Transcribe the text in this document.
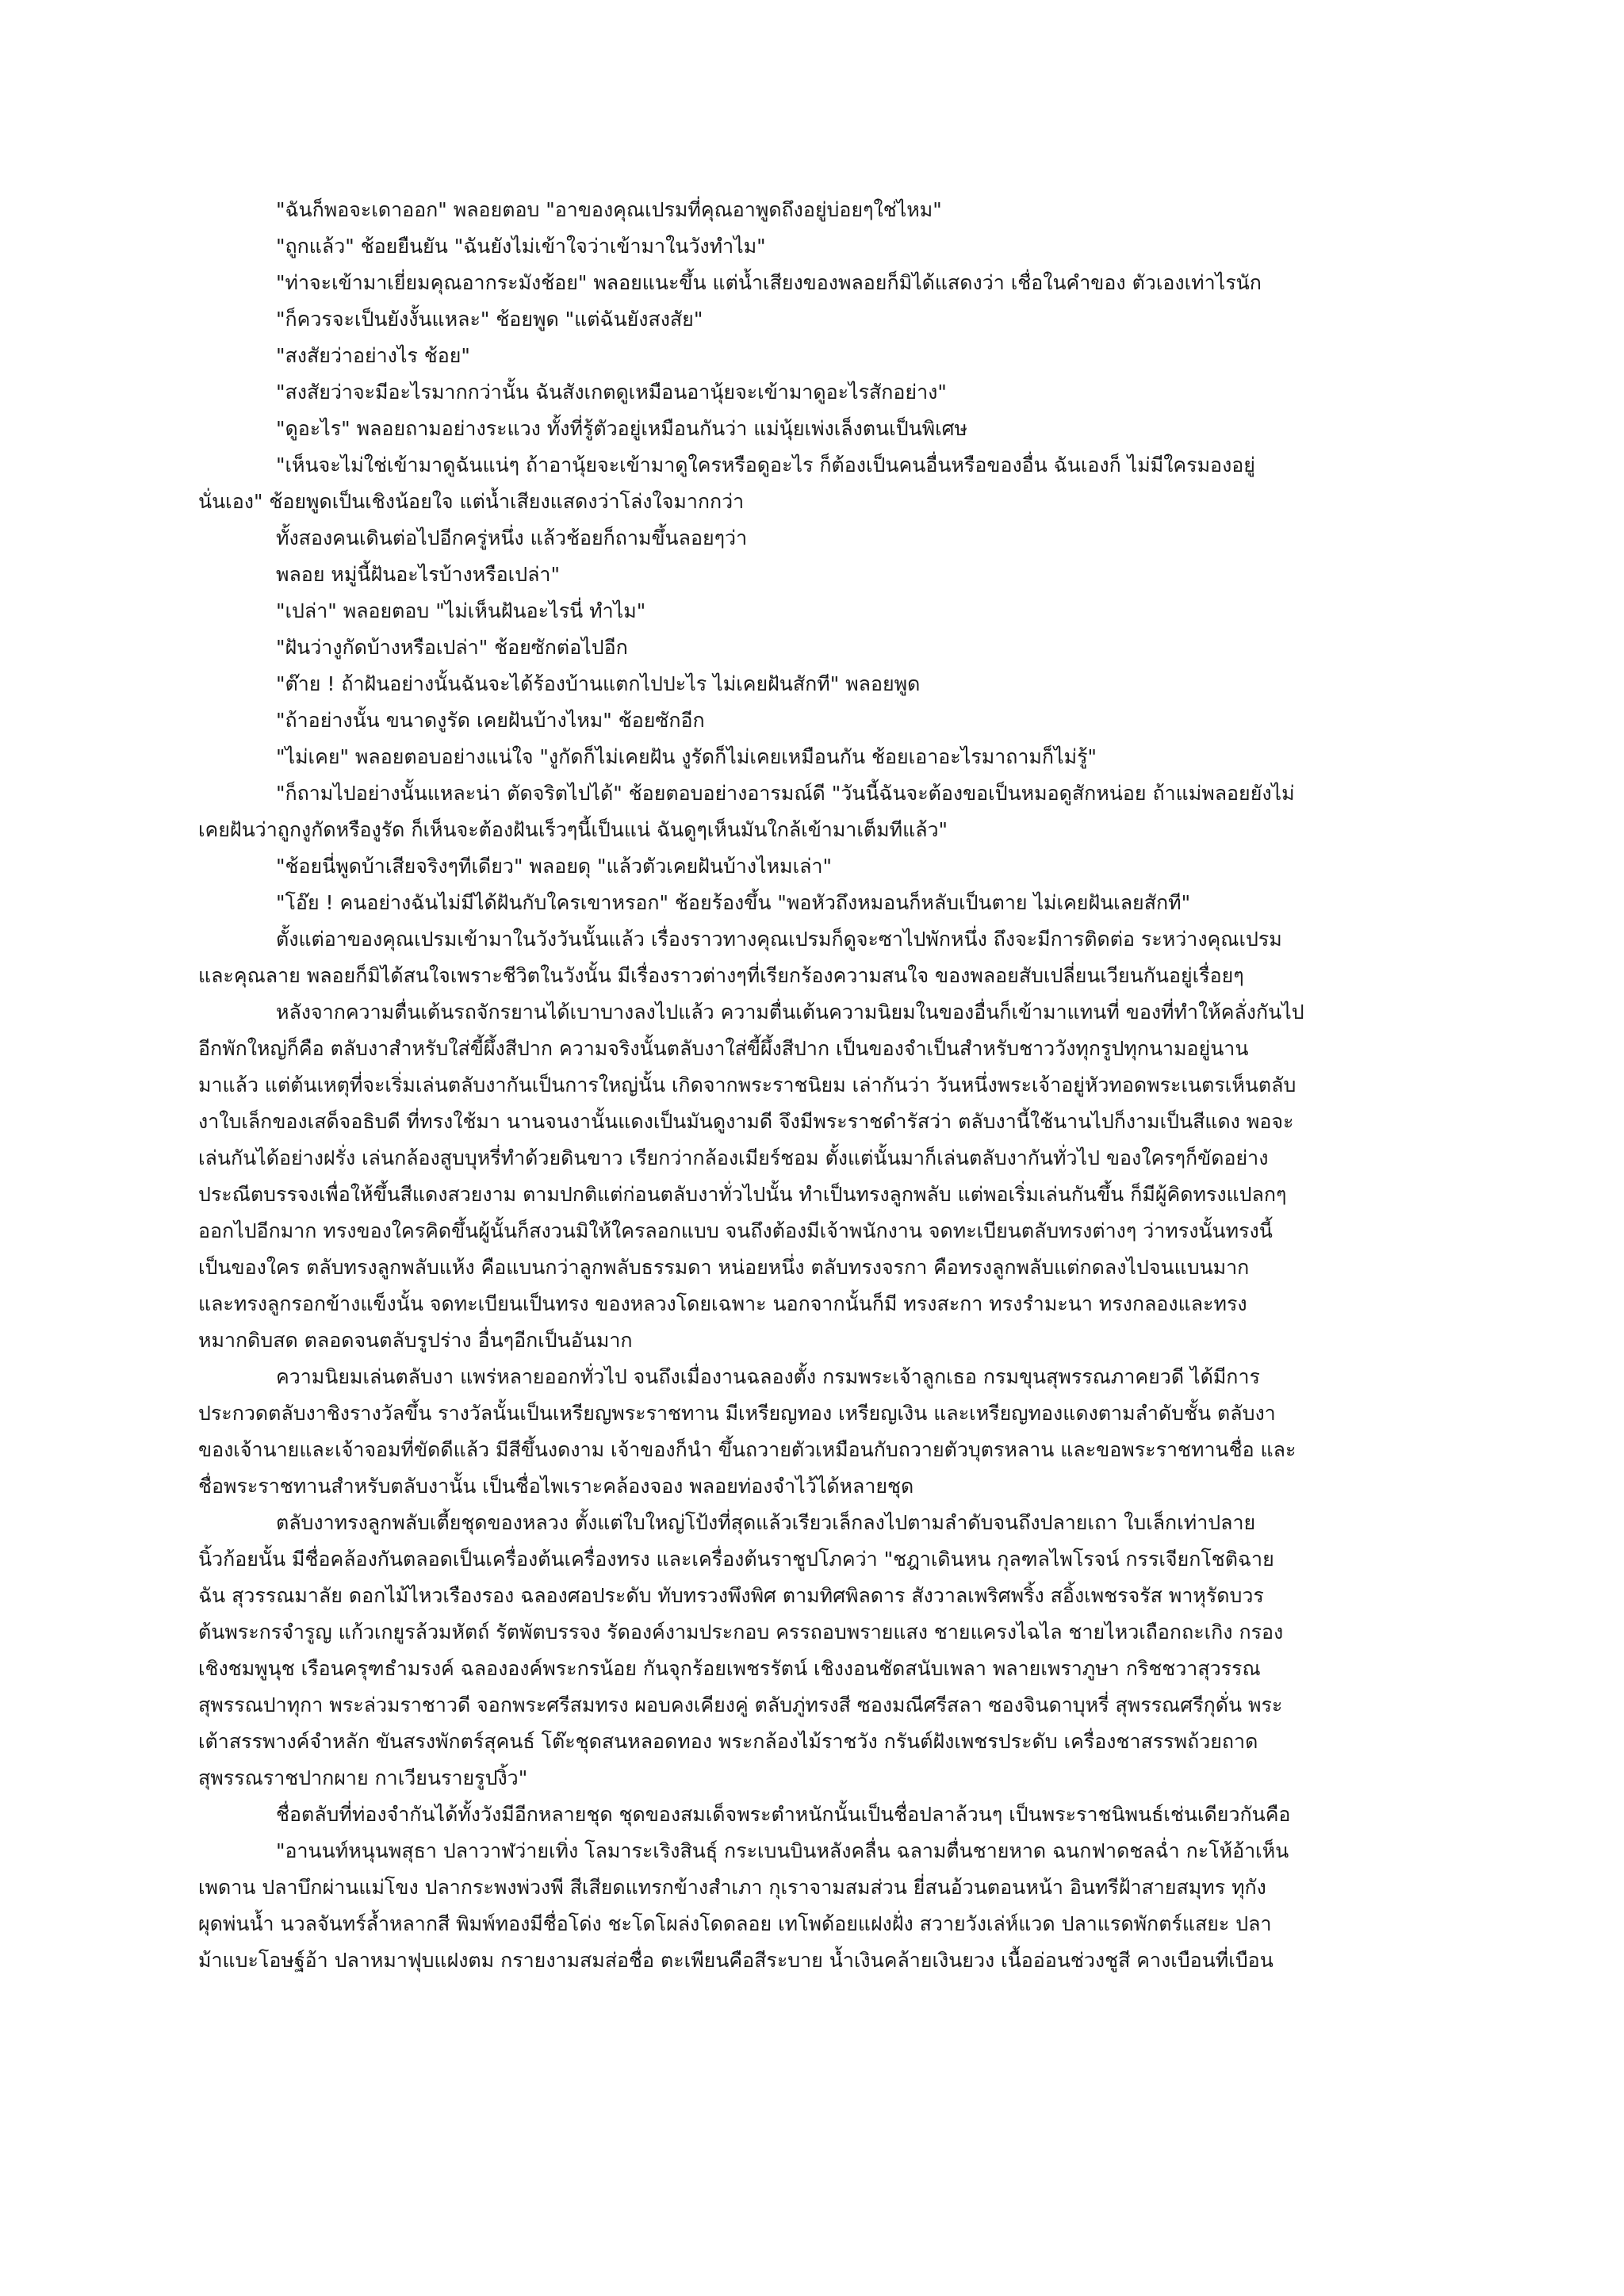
"ฉันก็พอจะเดาออก" พลอยตอบ "อาของคุณเปรมที่คุณอาพูดถึงอยู่บ่อยๆใช่ไหม"
"ถูกแล้ว" ช้อยยืนยัน "ฉันยังไม่เข้าใจว่าเข้ามาในวังทำไม"
"ท่าจะเข้ามาเยี่ยมคุณอากระมังช้อย" พลอยแนะขึ้น แต่น้ำเสียงของพลอยก็มิได้แสดงว่า เชื่อในคำของ ตัวเองเท่าไรนัก
"ก็ควรจะเป็นยังงั้นแหละ" ช้อยพูด "แต่ฉันยังสงสัย"
"สงสัยว่าอย่างไร ช้อย"
"สงสัยว่าจะมีอะไรมากกว่านั้น ฉันสังเกตดูเหมือนอานุ้ยจะเข้ามาดูอะไรสักอย่าง"
"ดูอะไร" พลอยถามอย่างระแวง ทั้งที่รู้ตัวอยู่เหมือนกันว่า แม่นุ้ยเพ่งเล็งตนเป็นพิเศษ
"เห็นจะไม่ใช่เข้ามาดูฉันแน่ๆ ถ้าอานุ้ยจะเข้ามาดูใครหรือดูอะไร ก็ต้องเป็นคนอื่นหรือของอื่น ฉันเองก็ ไม่มีใครมองอยู่
นั่นเอง" ช้อยพูดเป็นเชิงน้อยใจ แต่น้ำเสียงแสดงว่าโล่งใจมากกว่า
ทั้งสองคนเดินต่อไปอีกครู่หนึ่ง แล้วช้อยก็ถามขึ้นลอยๆว่า
พลอย หมู่นี้ฝันอะไรบ้างหรือเปล่า"
"เปล่า" พลอยตอบ "ไม่เห็นฝันอะไรนี่ ทำไม"
"ฝันว่างูกัดบ้างหรือเปล่า" ช้อยซักต่อไปอีก
"ต๊าย ! ถ้าฝันอย่างนั้นฉันจะได้ร้องบ้านแตกไปปะไร ไม่เคยฝันสักที" พลอยพูด
"ถ้าอย่างนั้น ขนาดงูรัด เคยฝันบ้างไหม" ช้อยซักอีก
"ไม่เคย" พลอยตอบอย่างแน่ใจ "งูกัดก็ไม่เคยฝัน งูรัดก็ไม่เคยเหมือนกัน ช้อยเอาอะไรมาถามก็ไม่รู้"
"ก็ถามไปอย่างนั้นแหละน่า ตัดจริตไปได้" ช้อยตอบอย่างอารมณ์ดี "วันนี้ฉันจะต้องขอเป็นหมอดูสักหน่อย ถ้าแม่พลอยยังไม่
เคยฝันว่าถูกงูกัดหรืองูรัด ก็เห็นจะต้องฝันเร็วๆนี้เป็นแน่ ฉันดูๆเห็นมันใกล้เข้ามาเต็มทีแล้ว"
"ช้อยนี่พูดบ้าเสียจริงๆทีเดียว" พลอยดุ "แล้วตัวเคยฝันบ้างไหมเล่า"
"โอ๊ย ! คนอย่างฉันไม่มีได้ฝันกับใครเขาหรอก" ช้อยร้องขึ้น "พอหัวถึงหมอนก็หลับเป็นตาย ไม่เคยฝันเลยสักที"
ตั้งแต่อาของคุณเปรมเข้ามาในวังวันนั้นแล้ว เรื่องราวทางคุณเปรมก็ดูจะซาไปพักหนึ่ง ถึงจะมีการติดต่อ ระหว่างคุณเปรม
และคุณลาย พลอยก็มิได้สนใจเพราะชีวิตในวังนั้น มีเรื่องราวต่างๆที่เรียกร้องความสนใจ ของพลอยสับเปลี่ยนเวียนกันอยู่เรื่อยๆ
หลังจากความตื่นเต้นรถจักรยานได้เบาบางลงไปแล้ว ความตื่นเต้นความนิยมในของอื่นก็เข้ามาแทนที่ ของที่ทำให้คลั่งกันไป
อีกพักใหญ่ก็คือ ตลับงาสำหรับใส่ขี้ผึ้งสีปาก ความจริงนั้นตลับงาใส่ขี้ผึ้งสีปาก เป็นของจำเป็นสำหรับชาววังทุกรูปทุกนามอยู่นาน
มาแล้ว แต่ต้นเหตุที่จะเริ่มเล่นตลับงากันเป็นการใหญ่นั้น เกิดจากพระราชนิยม เล่ากันว่า วันหนึ่งพระเจ้าอยู่หัวทอดพระเนตรเห็นตลับ
งาใบเล็กของเสด็จอธิบดี ที่ทรงใช้มา นานจนงานั้นแดงเป็นมันดูงามดี จึงมีพระราชดำรัสว่า ตลับงานี้ใช้นานไปก็งามเป็นสีแดง พอจะ
เล่นกันได้อย่างฝรั่ง เล่นกล้องสูบบุหรี่ทำด้วยดินขาว เรียกว่ากล้องเมียร์ชอม ตั้งแต่นั้นมาก็เล่นตลับงากันทั่วไป ของใครๆก็ขัดอย่าง
ประณีตบรรจงเพื่อให้ขึ้นสีแดงสวยงาม ตามปกติแต่ก่อนตลับงาทั่วไปนั้น ทำเป็นทรงลูกพลับ แต่พอเริ่มเล่นกันขึ้น ก็มีผู้คิดทรงแปลกๆ
ออกไปอีกมาก ทรงของใครคิดขึ้นผู้นั้นก็สงวนมิให้ใครลอกแบบ จนถึงต้องมีเจ้าพนักงาน จดทะเบียนตลับทรงต่างๆ ว่าทรงนั้นทรงนี้
เป็นของใคร ตลับทรงลูกพลับแห้ง คือแบนกว่าลูกพลับธรรมดา หน่อยหนึ่ง ตลับทรงจรกา คือทรงลูกพลับแต่กดลงไปจนแบนมาก
และทรงลูกรอกข้างแข็งนั้น จดทะเบียนเป็นทรง ของหลวงโดยเฉพาะ นอกจากนั้นก็มี ทรงสะกา ทรงรำมะนา ทรงกลองและทรง
หมากดิบสด ตลอดจนตลับรูปร่าง อื่นๆอีกเป็นอันมาก
ความนิยมเล่นตลับงา แพร่หลายออกทั่วไป จนถึงเมื่องานฉลองตั้ง กรมพระเจ้าลูกเธอ กรมขุนสุพรรณภาคยวดี ได้มีการ
ประกวดตลับงาชิงรางวัลขึ้น รางวัลนั้นเป็นเหรียญพระราชทาน มีเหรียญทอง เหรียญเงิน และเหรียญทองแดงตามลำดับชั้น ตลับงา
ของเจ้านายและเจ้าจอมที่ขัดดีแล้ว มีสีขึ้นงดงาม เจ้าของก็นำ ขึ้นถวายตัวเหมือนกับถวายตัวบุตรหลาน และขอพระราชทานชื่อ และ
ชื่อพระราชทานสำหรับตลับงานั้น เป็นชื่อไพเราะคล้องจอง พลอยท่องจำไว้ได้หลายชุด
ตลับงาทรงลูกพลับเตี้ยชุดของหลวง ตั้งแต่ใบใหญ่โป้งที่สุดแล้วเรียวเล็กลงไปตามลำดับจนถึงปลายเถา ใบเล็กเท่าปลาย
นิ้วก้อยนั้น มีชื่อคล้องกันตลอดเป็นเครื่องต้นเครื่องทรง และเครื่องต้นราชูปโภคว่า "ชฎาเดินหน กุลฑลไพโรจน์ กรรเจียกโชติฉาย
ฉัน สุวรรณมาลัย ดอกไม้ไหวเรืองรอง ฉลองศอประดับ ทับทรวงพึงพิศ ตามทิศพิลดาร สังวาลเพริศพริ้ง สอิ้งเพชรจรัส พาหุรัดบวร
ต้นพระกรจำรูญ แก้วเกยูรล้วมหัตถ์ รัตพัตบรรจง รัดองค์งามประกอบ ครรถอบพรายแสง ชายแครงไฉไล ชายไหวเถือกถะเกิง กรอง
เชิงชมพูนุช เรือนครุฑธำมรงค์ ฉลององค์พระกรน้อย กันจุกร้อยเพชรรัตน์ เชิงงอนชัดสนับเพลา พลายเพราภูษา กริชชวาสุวรรณ
สุพรรณปาทุกา พระล่วมราชาวดี จอกพระศรีสมทรง ผอบคงเคียงคู่ ตลับภู่ทรงสี ซองมณีศรีสลา ซองจินดาบุหรี่ สุพรรณศรีกุดั่น พระ
เต้าสรรพางค์จำหลัก ขันสรงพักตร์สุคนธ์ โต๊ะชุดสนหลอดทอง พระกล้องไม้ราชวัง กรันต์ฝังเพชรประดับ เครื่องชาสรรพถ้วยถาด
สุพรรณราชปากผาย กาเวียนรายรูปงิ้ว"
ชื่อตลับที่ท่องจำกันได้ทั้งวังมีอีกหลายชุด ชุดของสมเด็จพระตำหนักนั้นเป็นชื่อปลาล้วนๆ เป็นพระราชนิพนธ์เช่นเดียวกันคือ
"อานนท์หนุนพสุธา ปลาวาฬว่ายเทิ่ง โลมาระเริงสินธุ์ กระเบนบินหลังคลื่น ฉลามตื่นชายหาด ฉนกฟาดชลฉ่ำ กะโห้อ้าเห็น
เพดาน ปลาบึกผ่านแม่โขง ปลากระพงพ่วงพี สีเสียดแทรกข้างสำเภา กุเราจามสมส่วน ยี่สนอ้วนตอนหน้า อินทรีฝ้าสายสมุทร ทุกัง
ผุดพ่นน้ำ นวลจันทร์ล้ำหลากสี พิมพ์ทองมีชื่อโด่ง ชะโดโผล่งโดดลอย เทโพด้อยแฝงฝั่ง สวายวังเล่ห์แวด ปลาแรดพักตร์แสยะ ปลา
ม้าแบะโอษฐ์อ้า ปลาหมาฟุบแฝงตม กรายงามสมส่อชื่อ ตะเพียนคือสีระบาย น้ำเงินคล้ายเงินยวง เนื้ออ่อนช่วงชูสี คางเบือนที่เบือน
